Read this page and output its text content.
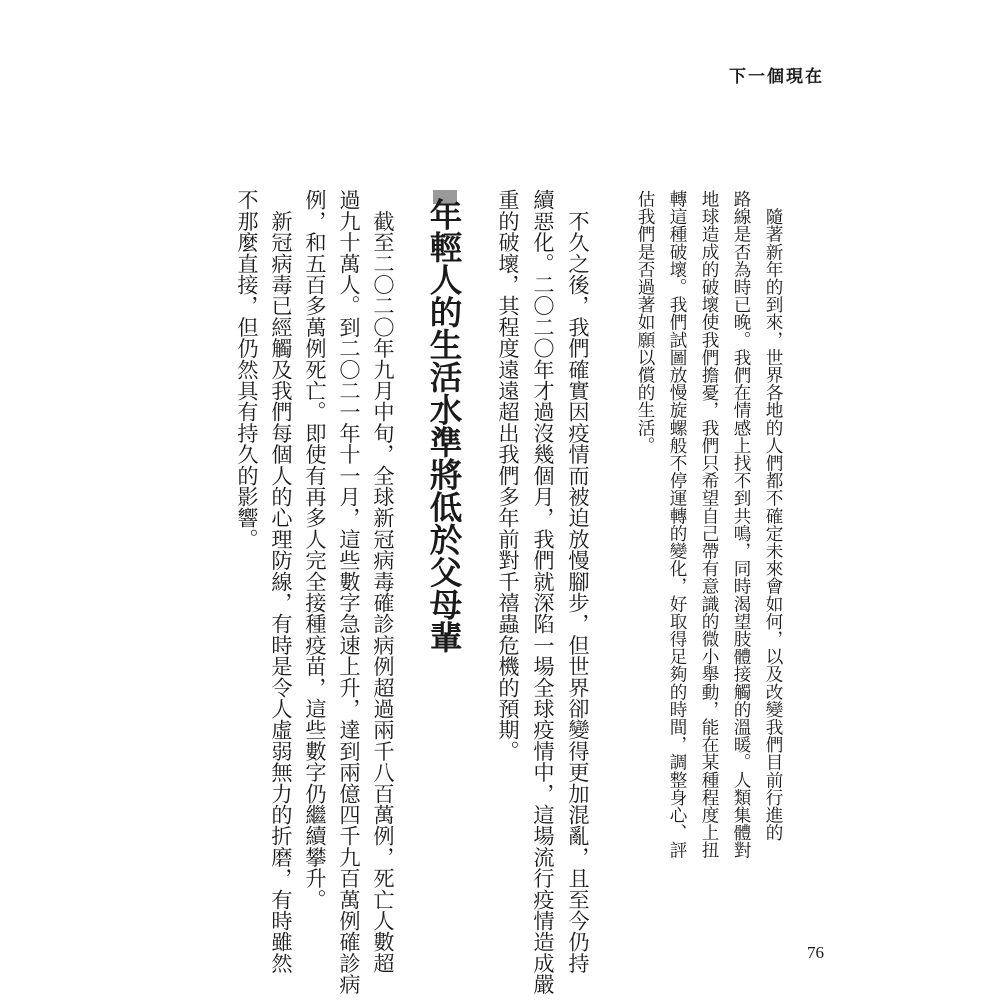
下一個現在

　隨著新年的到來，世界各地的人們都不確定未來會如何，以及改變我們目前行進的

路線是否為時已晚。我們在情感上找不到共鳴，同時渴望肢體接觸的溫暖。人類集體對

地球造成的破壞使我們擔憂，我們只希望自己帶有意識的微小舉動，能在某種程度上扭

轉這種破壞。我們試圖放慢旋螺般不停運轉的變化，好取得足夠的時間，調整身心、評

估我們是否過著如願以償的生活。

　不久之後，我們確實因疫情而被迫放慢腳步，但世界卻變得更加混亂，且至今仍持

續惡化。二〇二〇年才過沒幾個月，我們就深陷一場全球疫情中，這場流行疫情造成嚴

重的破壞，其程度遠遠超出我們多年前對千禧蟲危機的預期。

年輕人的生活水準將低於父母輩

　截至二〇二〇年九月中旬，全球新冠病毒確診病例超過兩千八百萬例，死亡人數超

過九十萬人。到二〇二一年十一月，這些數字急速上升，達到兩億四千九百萬例確診病

例，和五百多萬例死亡。即使有再多人完全接種疫苗，這些數字仍繼續攀升。

　新冠病毒已經觸及我們每個人的心理防線，有時是令人虛弱無力的折磨，有時雖然

不那麼直接，但仍然具有持久的影響。

76
